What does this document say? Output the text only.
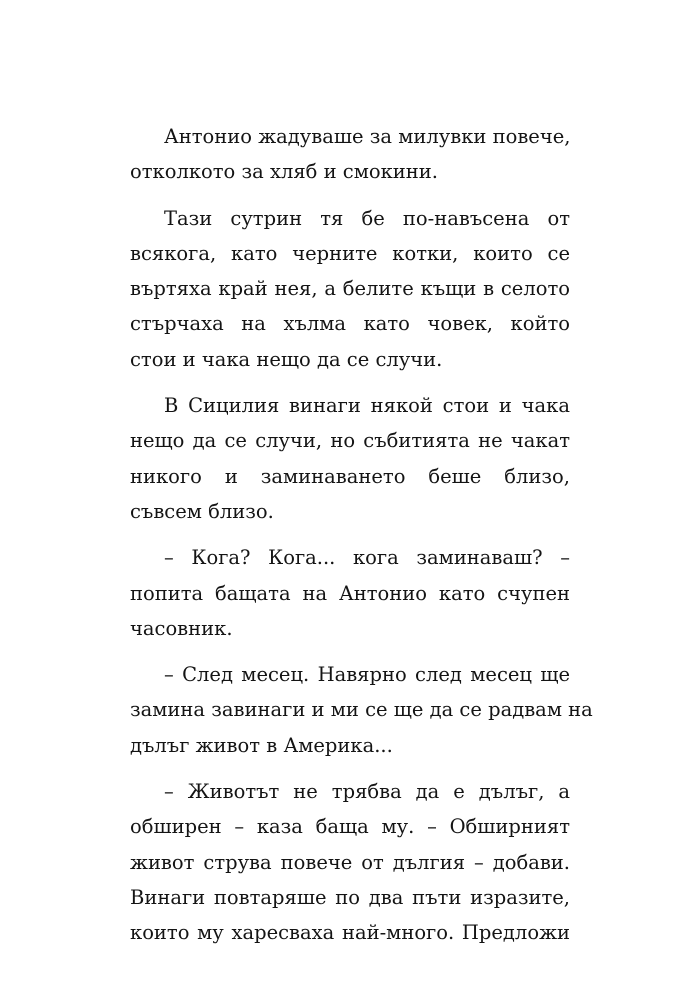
Антонио жадуваше за милувки повече,
отколкото за хляб и смокини.
Тази сутрин тя бе по-навъсена от
всякога, като черните котки, които се
въртяха край нея, а белите къщи в селото
стърчаха на хълма като човек, който
стои и чака нещо да се случи.
В Сицилия винаги някой стои и чака
нещо да се случи, но събитията не чакат
никого и заминаването беше близо,
съвсем близо.
– Кога? Кога... кога заминаваш? –
попита бащата на Антонио като счупен
часовник.
– След месец. Навярно след месец ще
замина завинаги и ми се ще да се радвам на
дълъг живот в Америка...
– Животът не трябва да е дълъг, а
обширен – каза баща му. – Обширният
живот струва повече от дългия – добави.
Винаги повтаряше по два пъти изразите,
които му харесваха най-много. Предложи
